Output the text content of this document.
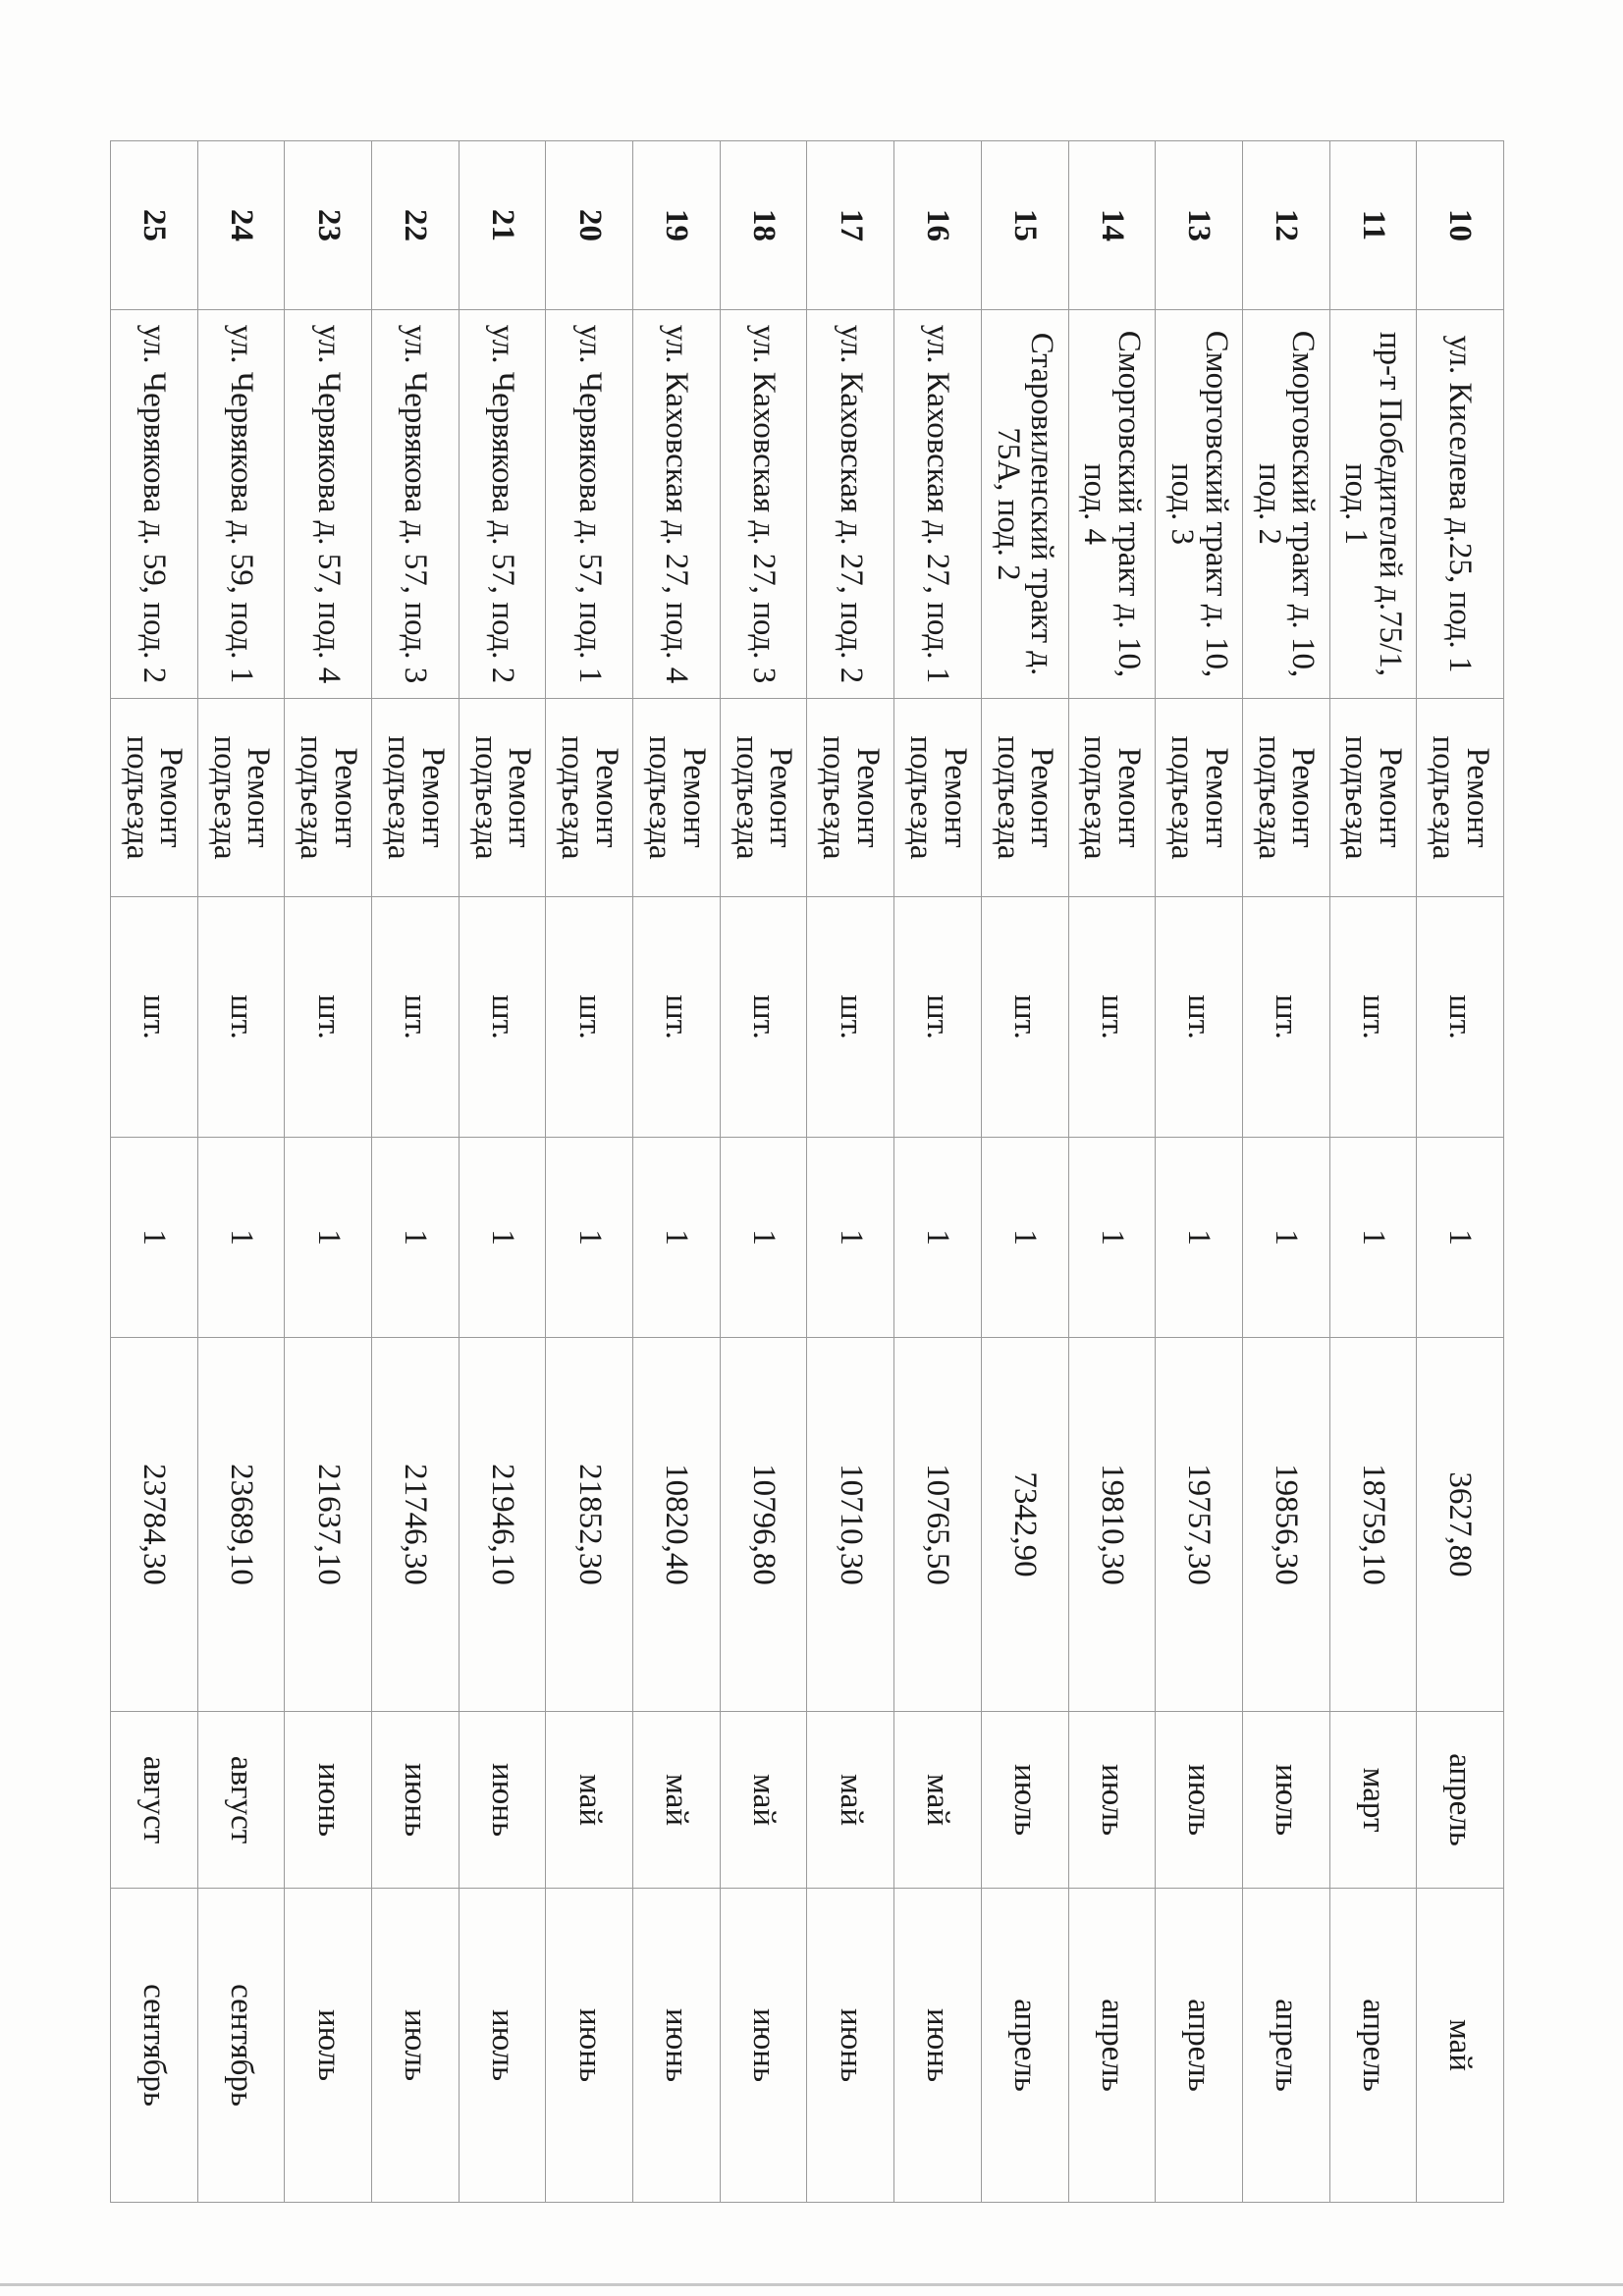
10	ул. Киселева д.25, под. 1	Ремонт подъезда	шт.	1	3627,80	апрель	май
11	пр-т Победителей д.75/1, под. 1	Ремонт подъезда	шт.	1	18759,10	март	апрель
12	Сморговский тракт д. 10, под. 2	Ремонт подъезда	шт.	1	19856,30	июль	апрель
13	Сморговский тракт д. 10, под. 3	Ремонт подъезда	шт.	1	19757,30	июль	апрель
14	Сморговский тракт д. 10, под. 4	Ремонт подъезда	шт.	1	19810,30	июль	апрель
15	Старовиленский тракт д. 75А, под. 2	Ремонт подъезда	шт.	1	7342,90	июль	апрель
16	ул. Каховская д. 27, под. 1	Ремонт подъезда	шт.	1	10765,50	май	июнь
17	ул. Каховская д. 27, под. 2	Ремонт подъезда	шт.	1	10710,30	май	июнь
18	ул. Каховская д. 27, под. 3	Ремонт подъезда	шт.	1	10796,80	май	июнь
19	ул. Каховская д. 27, под. 4	Ремонт подъезда	шт.	1	10820,40	май	июнь
20	ул. Червякова д. 57, под. 1	Ремонт подъезда	шт.	1	21852,30	май	июнь
21	ул. Червякова д. 57, под. 2	Ремонт подъезда	шт.	1	21946,10	июнь	июль
22	ул. Червякова д. 57, под. 3	Ремонт подъезда	шт.	1	21746,30	июнь	июль
23	ул. Червякова д. 57, под. 4	Ремонт подъезда	шт.	1	21637,10	июнь	июль
24	ул. Червякова д. 59, под. 1	Ремонт подъезда	шт.	1	23689,10	август	сентябрь
25	ул. Червякова д. 59, под. 2	Ремонт подъезда	шт.	1	23784,30	август	сентябрь
